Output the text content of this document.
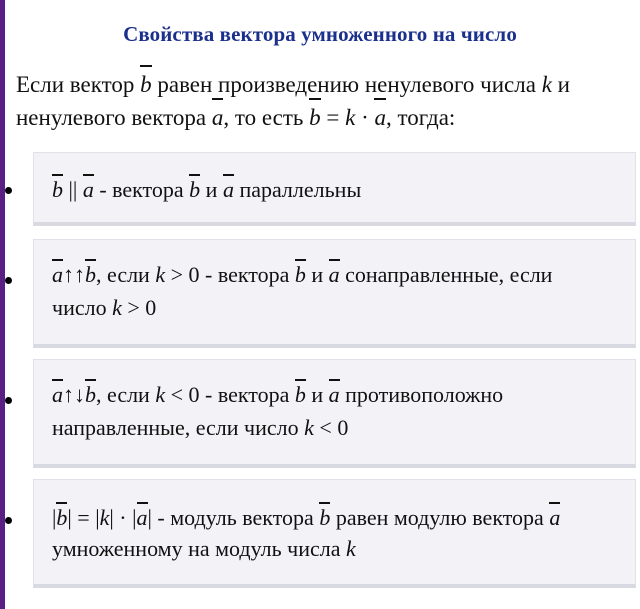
Свойства вектора умноженного на число
Если вектор b равен произведению ненулевого числа k и
ненулевого вектора a, то есть b = k · a, тогда:
b || a - вектора b и a параллельны
a↑↑b, если k > 0 - вектора b и a сонаправленные, если
число k > 0
a↑↓b, если k < 0 - вектора b и a противоположно
направленные, если число k < 0
|b| = |k| · |a| - модуль вектора b равен модулю вектора a
умноженному на модуль числа k
